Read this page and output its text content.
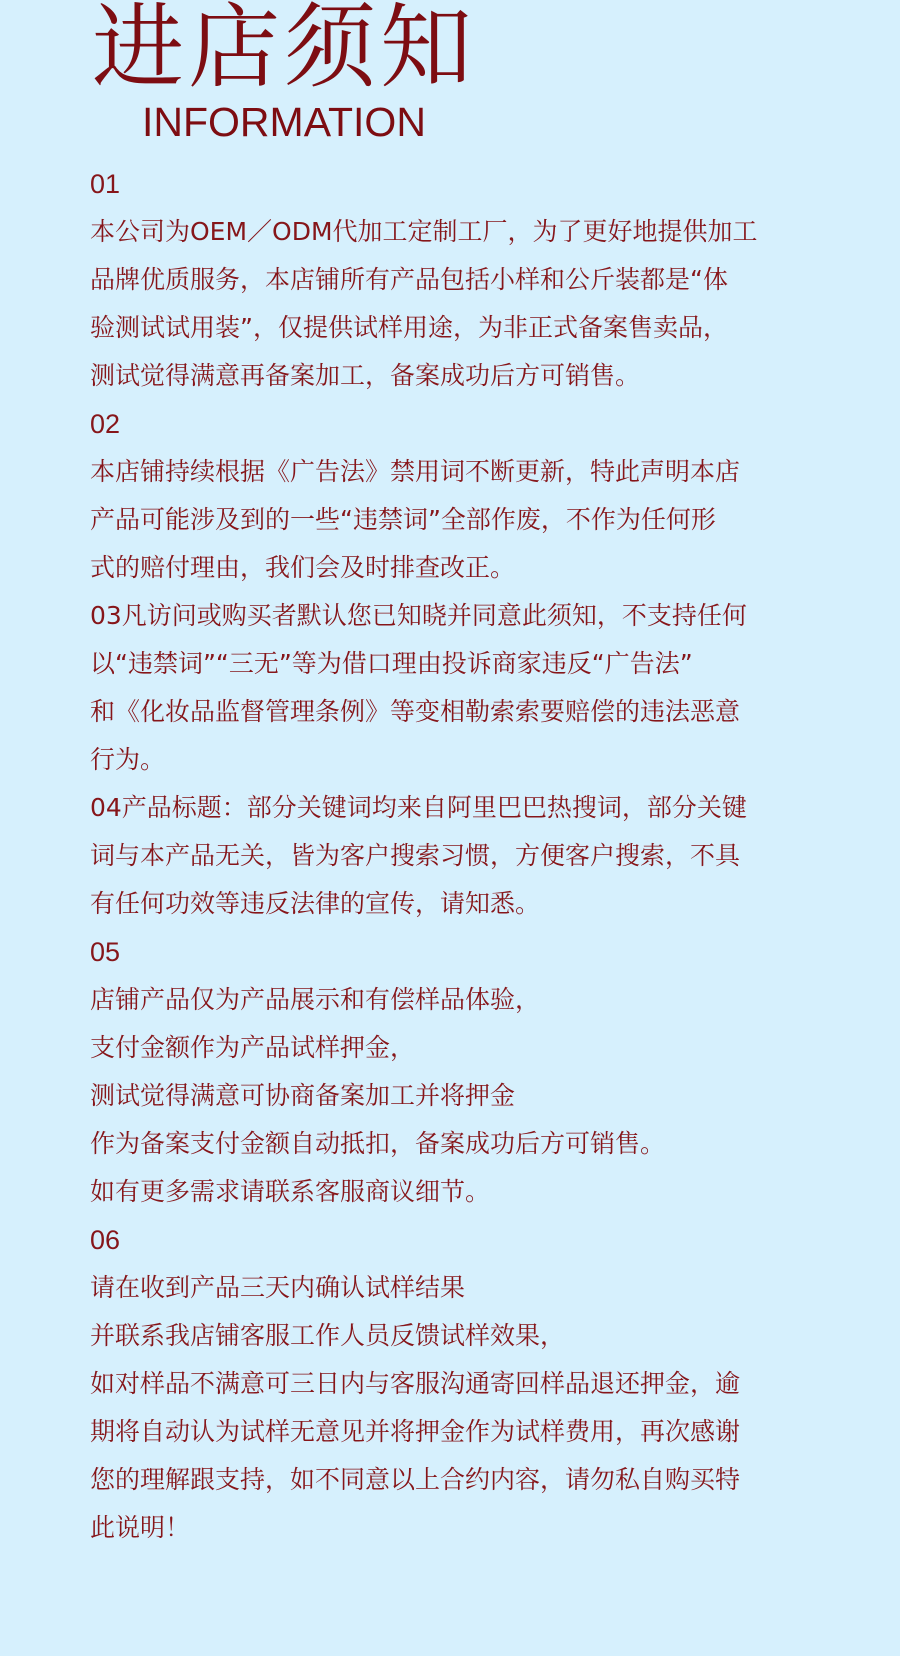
进店须知
INFORMATION
01
本公司为OEM／ODM代加工定制工厂，为了更好地提供加工
品牌优质服务，本店铺所有产品包括小样和公斤装都是“体
验测试试用装”，仅提供试样用途，为非正式备案售卖品，
测试觉得满意再备案加工，备案成功后方可销售。
02
本店铺持续根据《广告法》禁用词不断更新，特此声明本店
产品可能涉及到的一些“违禁词”全部作废，不作为任何形
式的赔付理由，我们会及时排查改正。
03凡访问或购买者默认您已知晓并同意此须知，不支持任何
以“违禁词”“三无”等为借口理由投诉商家违反“广告法”
和《化妆品监督管理条例》等变相勒索索要赔偿的违法恶意
行为。
04产品标题：部分关键词均来自阿里巴巴热搜词，部分关键
词与本产品无关，皆为客户搜索习惯，方便客户搜索，不具
有任何功效等违反法律的宣传，请知悉。
05
店铺产品仅为产品展示和有偿样品体验，
支付金额作为产品试样押金，
测试觉得满意可协商备案加工并将押金
作为备案支付金额自动抵扣，备案成功后方可销售。
如有更多需求请联系客服商议细节。
06
请在收到产品三天内确认试样结果
并联系我店铺客服工作人员反馈试样效果，
如对样品不满意可三日内与客服沟通寄回样品退还押金，逾
期将自动认为试样无意见并将押金作为试样费用，再次感谢
您的理解跟支持，如不同意以上合约内容，请勿私自购买特
此说明！
